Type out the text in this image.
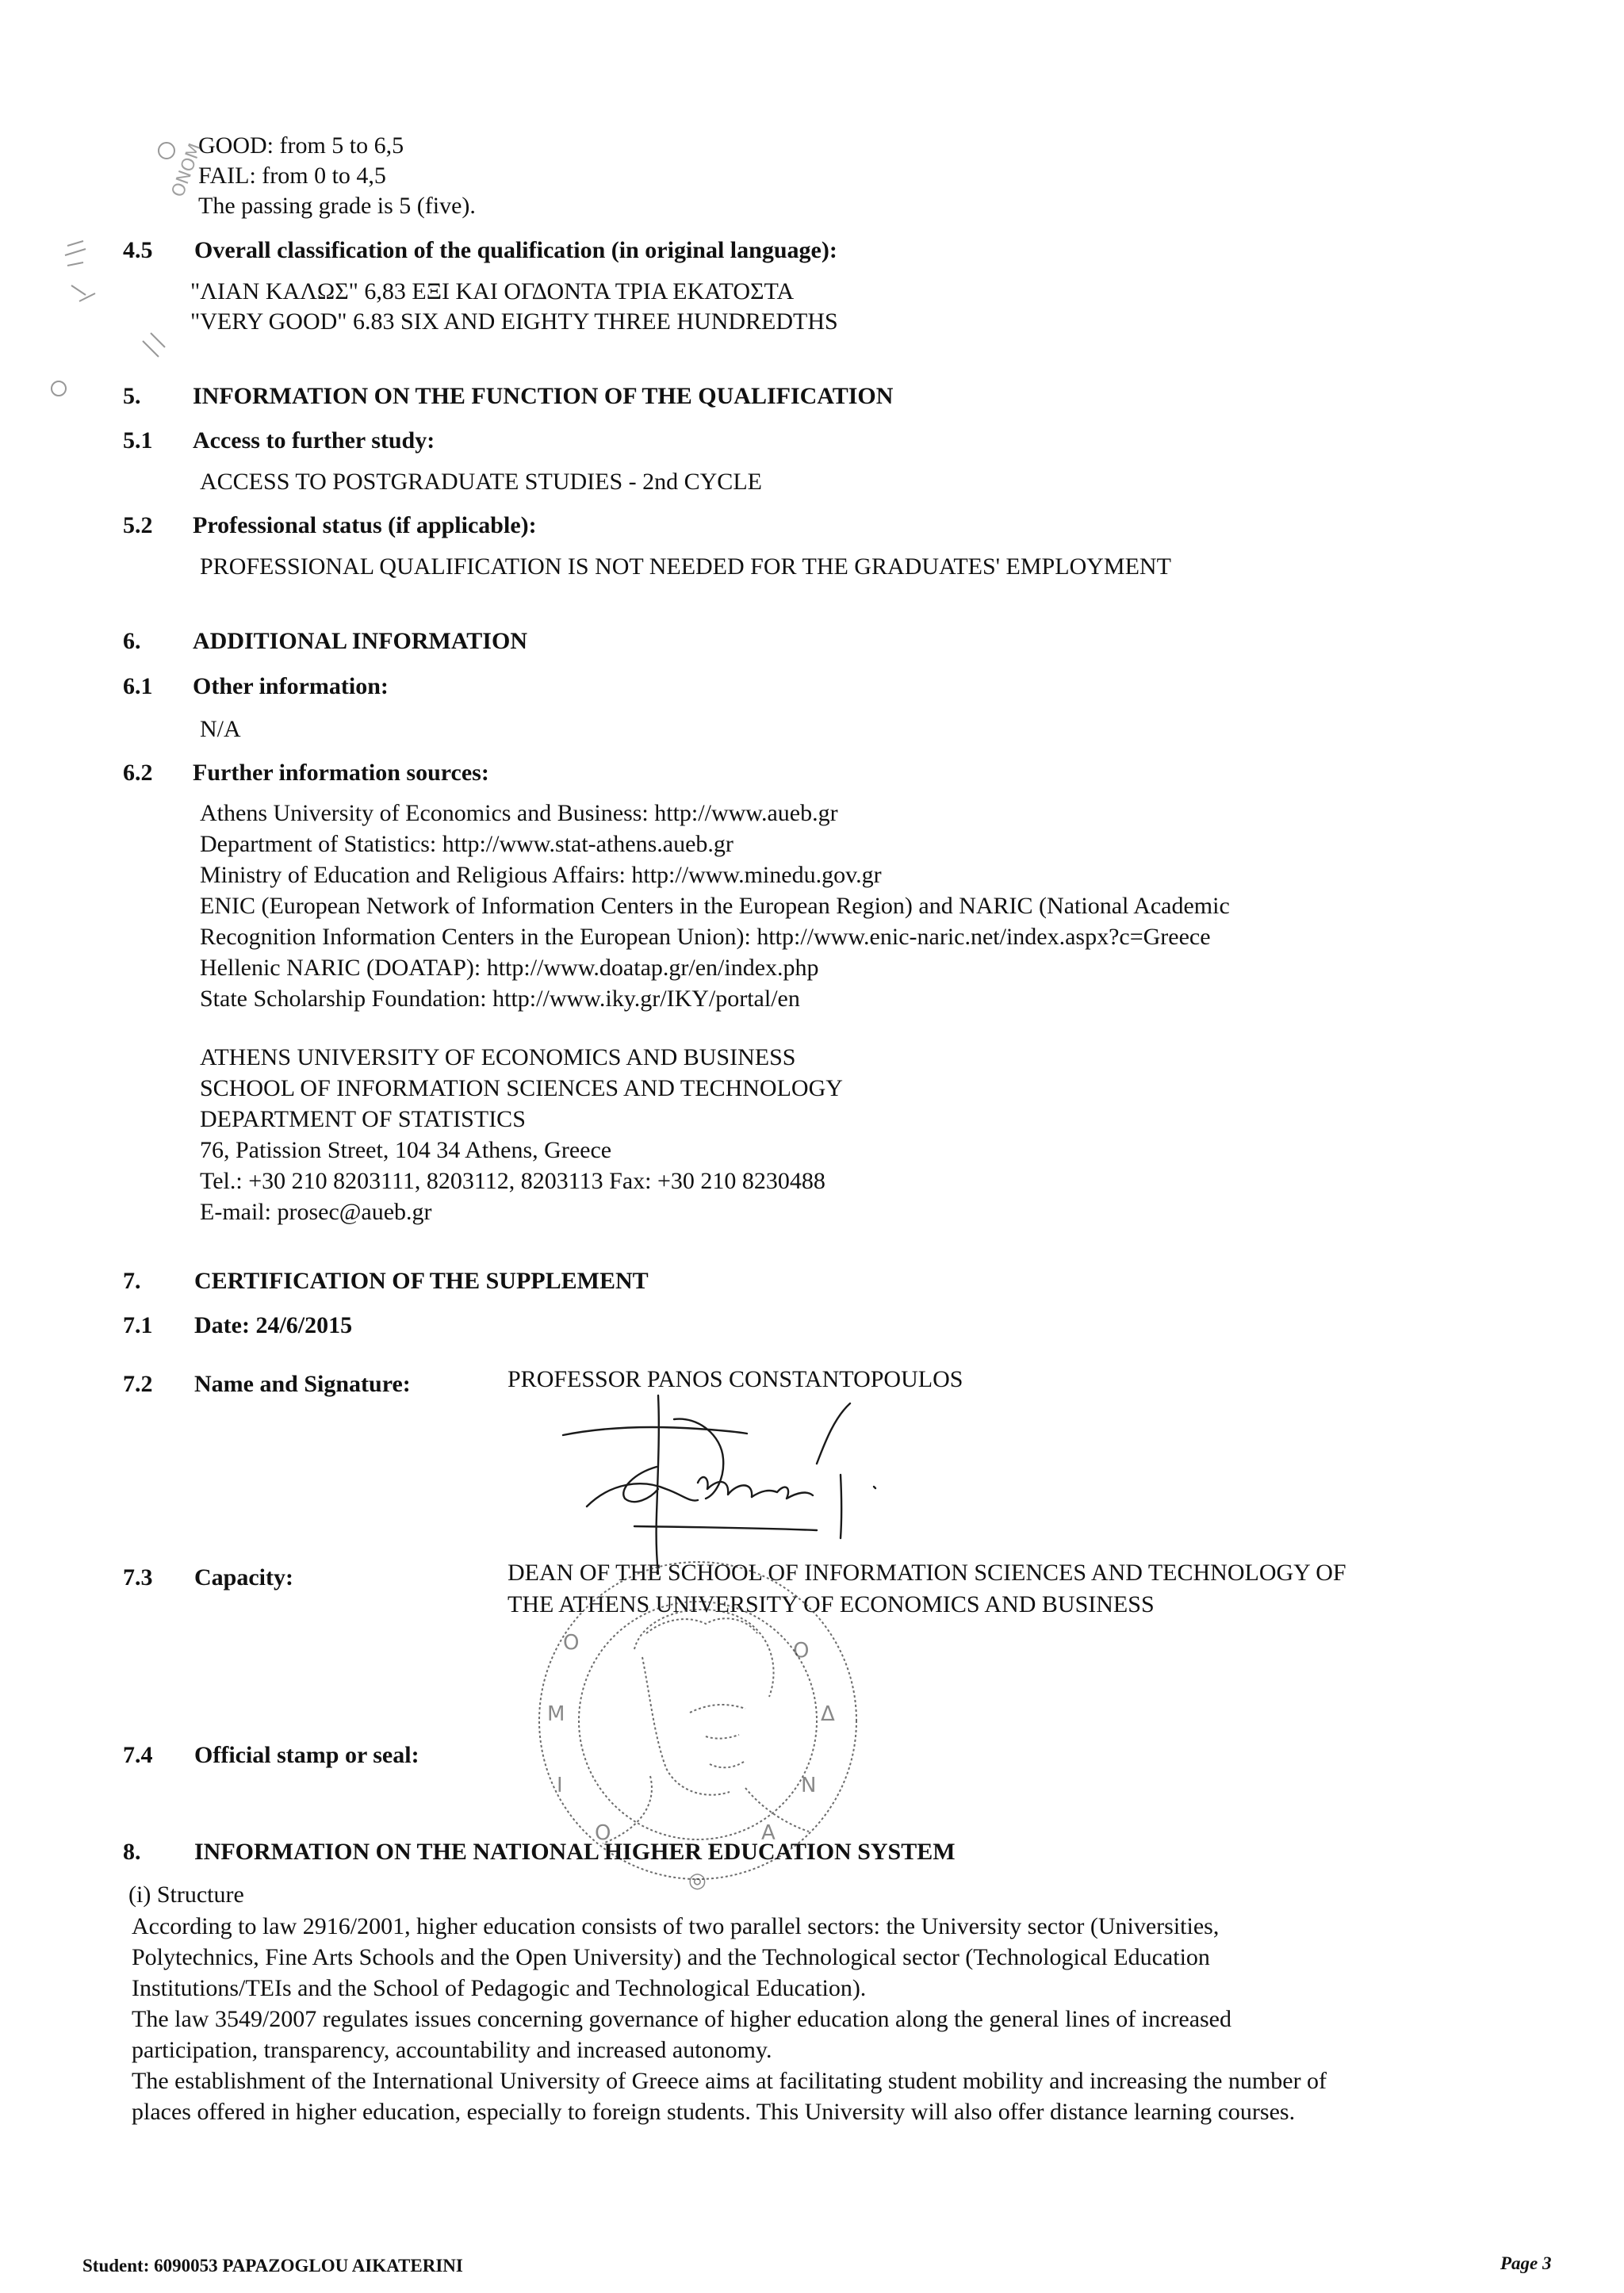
GOOD: from 5 to 6,5
FAIL: from 0 to 4,5
The passing grade is 5 (five).
4.5 Overall classification of the qualification (in original language):
"ΛΙΑΝ ΚΑΛΩΣ" 6,83 ΕΞΙ ΚΑΙ ΟΓΔΟΝΤΑ ΤΡΙΑ ΕΚΑΤΟΣΤΑ
"VERY GOOD" 6.83 SIX AND EIGHTY THREE HUNDREDTHS
5. INFORMATION ON THE FUNCTION OF THE QUALIFICATION
5.1 Access to further study:
ACCESS TO POSTGRADUATE STUDIES - 2nd CYCLE
5.2 Professional status (if applicable):
PROFESSIONAL QUALIFICATION IS NOT NEEDED FOR THE GRADUATES' EMPLOYMENT
6. ADDITIONAL INFORMATION
6.1 Other information:
N/A
6.2 Further information sources:
Athens University of Economics and Business: http://www.aueb.gr
Department of Statistics: http://www.stat-athens.aueb.gr
Ministry of Education and Religious Affairs: http://www.minedu.gov.gr
ENIC (European Network of Information Centers in the European Region) and NARIC (National Academic
Recognition Information Centers in the European Union): http://www.enic-naric.net/index.aspx?c=Greece
Hellenic NARIC (DOATAP): http://www.doatap.gr/en/index.php
State Scholarship Foundation: http://www.iky.gr/IKY/portal/en
ATHENS UNIVERSITY OF ECONOMICS AND BUSINESS
SCHOOL OF INFORMATION SCIENCES AND TECHNOLOGY
DEPARTMENT OF STATISTICS
76, Patission Street, 104 34 Athens, Greece
Tel.: +30 210 8203111, 8203112, 8203113 Fax: +30 210 8230488
E-mail: prosec@aueb.gr
7. CERTIFICATION OF THE SUPPLEMENT
7.1 Date: 24/6/2015
7.2 Name and Signature:	PROFESSOR PANOS CONSTANTOPOULOS
7.3 Capacity:	DEAN OF THE SCHOOL OF INFORMATION SCIENCES AND TECHNOLOGY OF
THE ATHENS UNIVERSITY OF ECONOMICS AND BUSINESS
Ο
Μ
Ι
Ο
Ο
Δ
Ν
Α
◎
7.4 Official stamp or seal:
8. INFORMATION ON THE NATIONAL HIGHER EDUCATION SYSTEM
(i) Structure
According to law 2916/2001, higher education consists of two parallel sectors: the University sector (Universities,
Polytechnics, Fine Arts Schools and the Open University) and the Technological sector (Technological Education
Institutions/TEIs and the School of Pedagogic and Technological Education).
The law 3549/2007 regulates issues concerning governance of higher education along the general lines of increased
participation, transparency, accountability and increased autonomy.
The establishment of the International University of Greece aims at facilitating student mobility and increasing the number of
places offered in higher education, especially to foreign students. This University will also offer distance learning courses.
ΟΝΟΜ
Student: 6090053 PAPAZOGLOU AIKATERINI	Page 3
